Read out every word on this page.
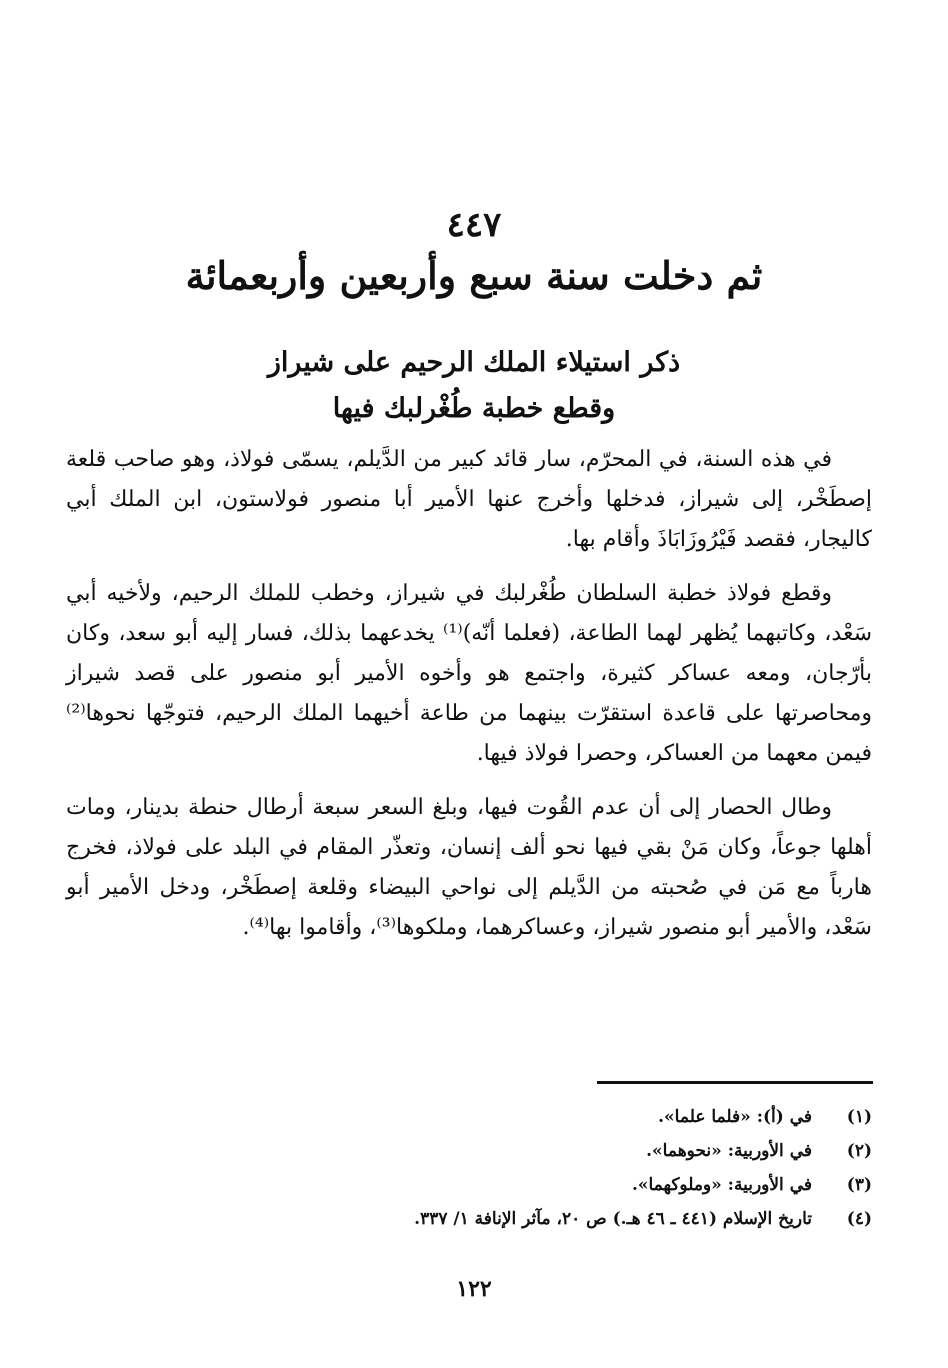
٤٤٧
ثم دخلت سنة سبع وأربعين وأربعمائة
ذكر استيلاء الملك الرحيم على شيراز
وقطع خطبة طُغْرلبك فيها

في هذه السنة، في المحرّم، سار قائد كبير من الدَّيلم، يسمّى فولاذ، وهو صاحب قلعة إصطَخْر، إلى شيراز، فدخلها وأخرج عنها الأمير أبا منصور فولاستون، ابن الملك أبي كاليجار، فقصد فَيْرُوزَابَاذَ وأقام بها.

وقطع فولاذ خطبة السلطان طُغْرلبك في شيراز، وخطب للملك الرحيم، ولأخيه أبي سَعْد، وكاتبهما يُظهر لهما الطاعة، (فعلما أنّه)⁽¹⁾ يخدعهما بذلك، فسار إليه أبو سعد، وكان بأرّجان، ومعه عساكر كثيرة، واجتمع هو وأخوه الأمير أبو منصور على قصد شيراز ومحاصرتها على قاعدة استقرّت بينهما من طاعة أخيهما الملك الرحيم، فتوجّها نحوها⁽²⁾ فيمن معهما من العساكر، وحصرا فولاذ فيها.

وطال الحصار إلى أن عدم القُوت فيها، وبلغ السعر سبعة أرطال حنطة بدينار، ومات أهلها جوعاً، وكان مَنْ بقي فيها نحو ألف إنسان، وتعذّر المقام في البلد على فولاذ، فخرج هارباً مع مَن في صُحبته من الدَّيلم إلى نواحي البيضاء وقلعة إصطَخْر، ودخل الأمير أبو سَعْد، والأمير أبو منصور شيراز، وعساكرهما، وملكوها⁽³⁾، وأقاموا بها⁽⁴⁾.

(١)
في (أ): «فلما علما».
(٢)
في الأوربية: «نحوهما».
(٣)
في الأوربية: «وملوكهما».
(٤)
تاريخ الإسلام (٤٤١ ـ ٤٦ هـ.) ص ٢٠، مآثر الإنافة ١/ ٣٣٧.
١٢٢
